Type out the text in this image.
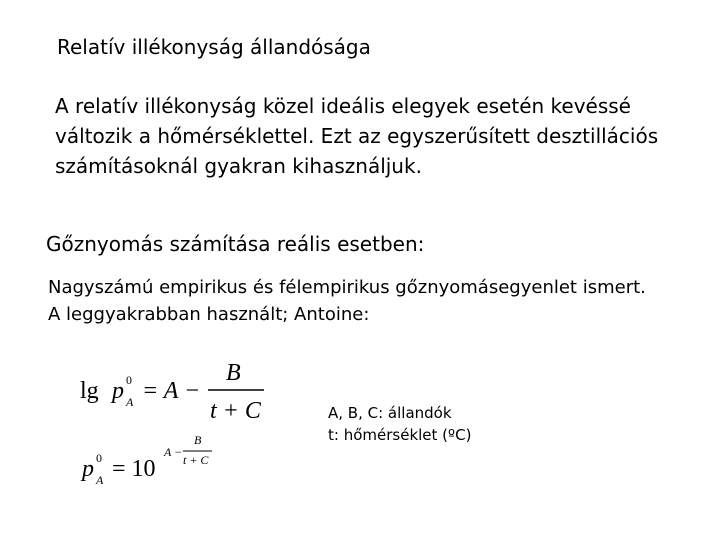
Relatív illékonyság állandósága
A relatív illékonyság közel ideális elegyek esetén kevéssé
változik a hőmérséklettel. Ezt az egyszerűsített desztillációs
számításoknál gyakran kihasználjuk.
Gőznyomás számítása reális esetben:
Nagyszámú empirikus és félempirikus gőznyomásegyenlet ismert.
A leggyakrabban használt; Antoine:
lg p 0
A = A −
B
t + C
p 0
A = 10
A −
B
t + C
A, B, C: állandók
t: hőmérséklet (ºC)
